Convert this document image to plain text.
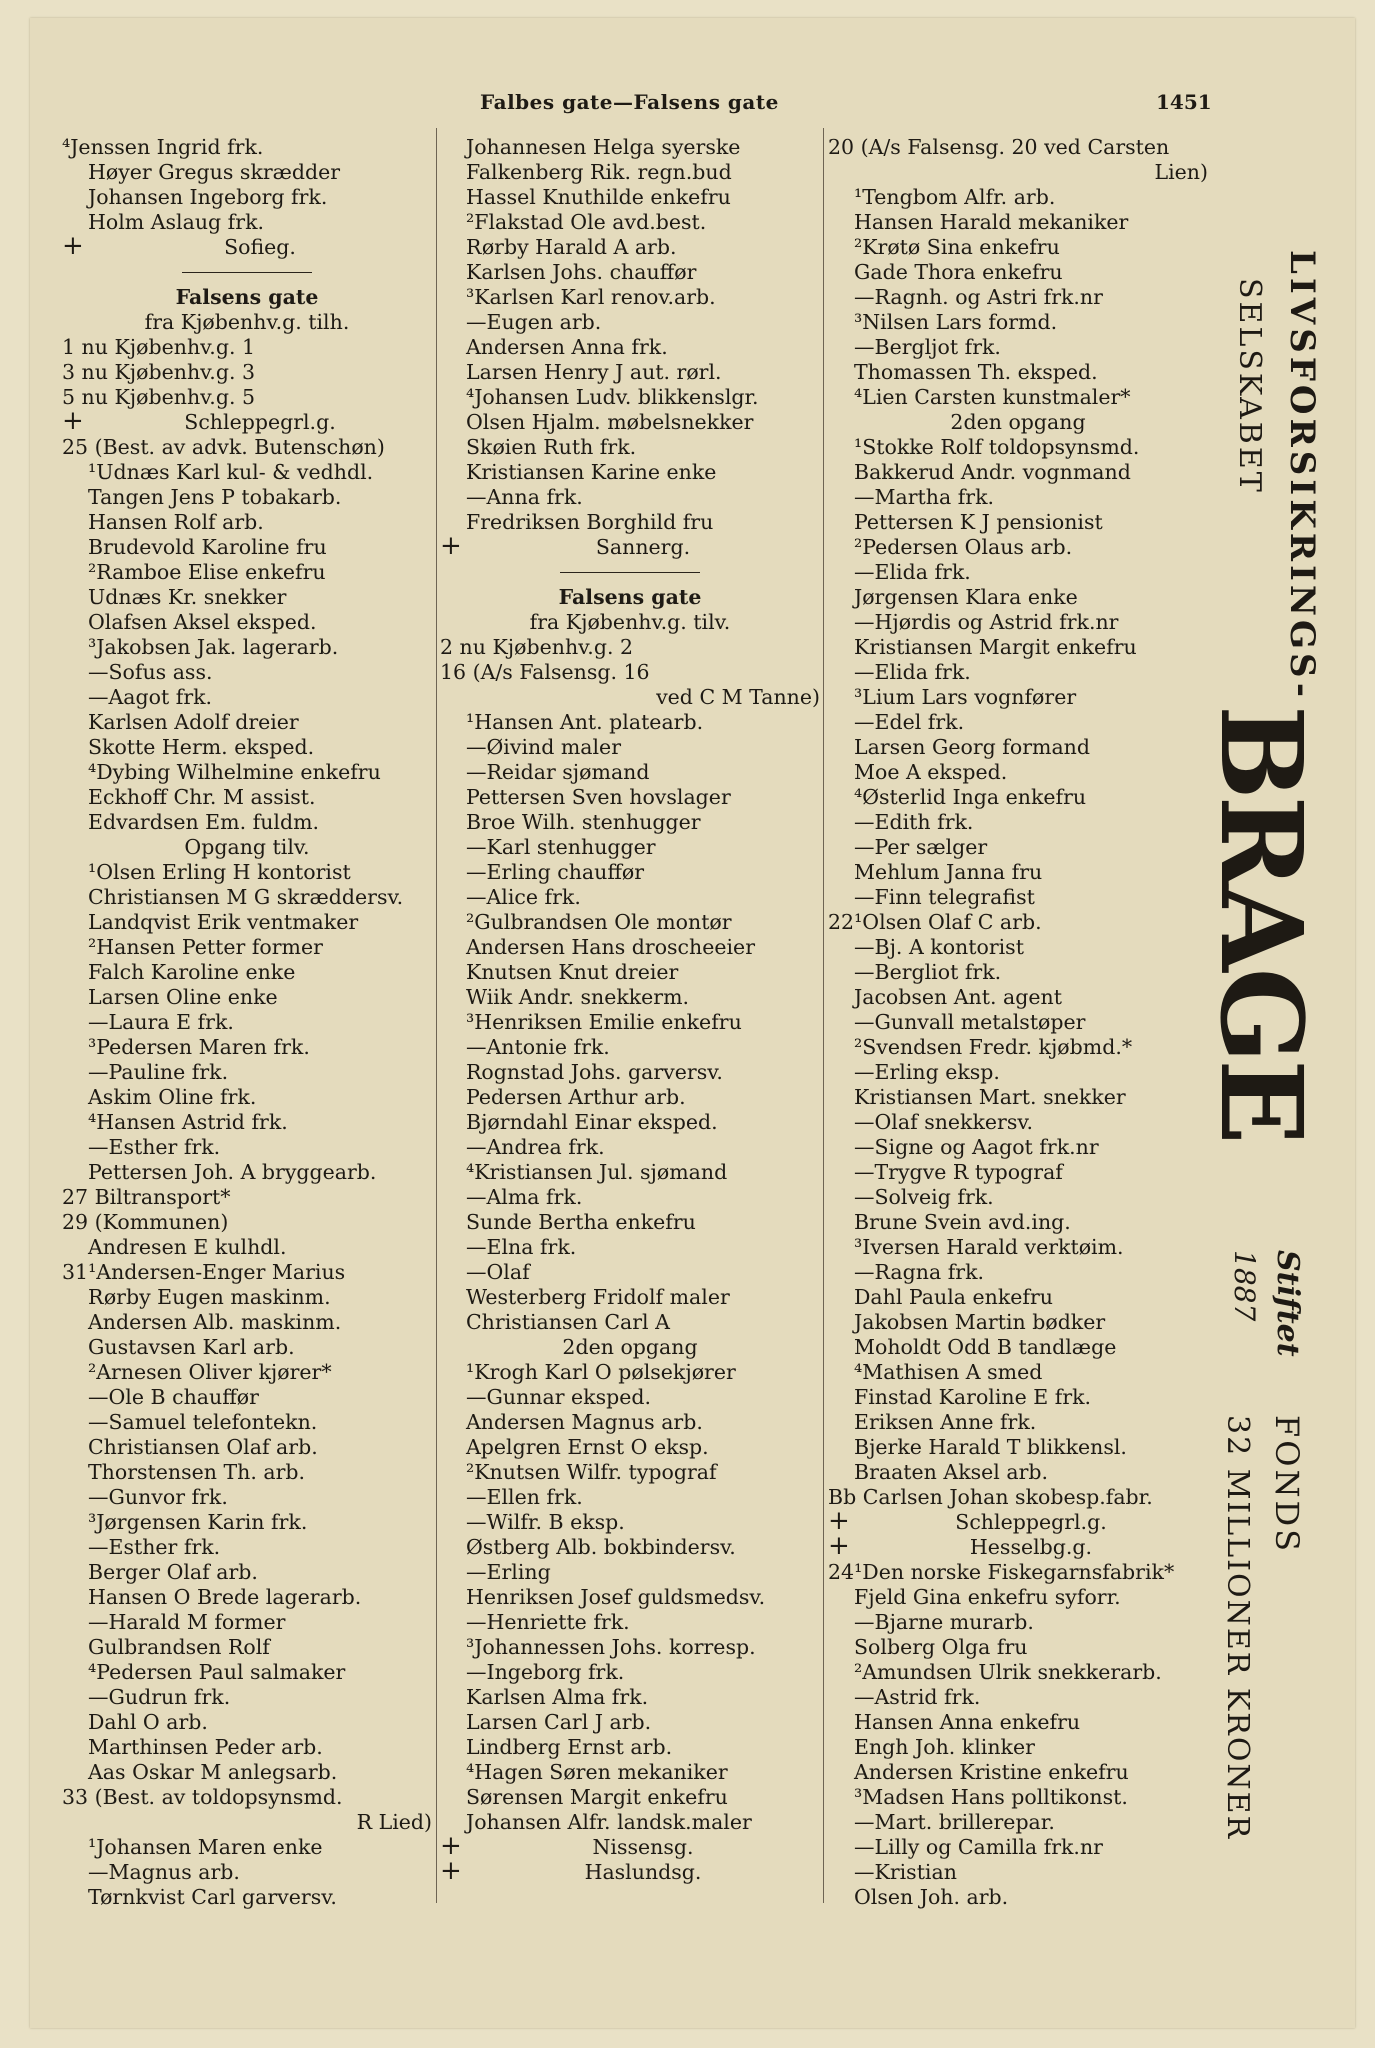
Falbes gate—Falsens gate	1451
⁴Jenssen Ingrid frk.
Høyer Gregus skrædder
Johansen Ingeborg frk.
Holm Aslaug frk.
+	Sofieg.
Falsens gate
fra Kjøbenhv.g. tilh.
1 nu Kjøbenhv.g. 1
3 nu Kjøbenhv.g. 3
5 nu Kjøbenhv.g. 5
+	Schleppegrl.g.
25 (Best. av advk. Butenschøn)
¹Udnæs Karl kul- & vedhdl.
Tangen Jens P tobakarb.
Hansen Rolf arb.
Brudevold Karoline fru
²Ramboe Elise enkefru
Udnæs Kr. snekker
Olafsen Aksel eksped.
³Jakobsen Jak. lagerarb.
—Sofus ass.
—Aagot frk.
Karlsen Adolf dreier
Skotte Herm. eksped.
⁴Dybing Wilhelmine enkefru
Eckhoff Chr. M assist.
Edvardsen Em. fuldm.
Opgang tilv.
¹Olsen Erling H kontorist
Christiansen M G skræddersv.
Landqvist Erik ventmaker
²Hansen Petter former
Falch Karoline enke
Larsen Oline enke
—Laura E frk.
³Pedersen Maren frk.
—Pauline frk.
Askim Oline frk.
⁴Hansen Astrid frk.
—Esther frk.
Pettersen Joh. A bryggearb.
27 Biltransport*
29 (Kommunen)
Andresen E kulhdl.
31¹Andersen-Enger Marius
Rørby Eugen maskinm.
Andersen Alb. maskinm.
Gustavsen Karl arb.
²Arnesen Oliver kjører*
—Ole B chauffør
—Samuel telefontekn.
Christiansen Olaf arb.
Thorstensen Th. arb.
—Gunvor frk.
³Jørgensen Karin frk.
—Esther frk.
Berger Olaf arb.
Hansen O Brede lagerarb.
—Harald M former
Gulbrandsen Rolf
⁴Pedersen Paul salmaker
—Gudrun frk.
Dahl O arb.
Marthinsen Peder arb.
Aas Oskar M anlegsarb.
33 (Best. av toldopsynsmd.
R Lied)
¹Johansen Maren enke
—Magnus arb.
Tørnkvist Carl garversv.
Johannesen Helga syerske
Falkenberg Rik. regn.bud
Hassel Knuthilde enkefru
²Flakstad Ole avd.best.
Rørby Harald A arb.
Karlsen Johs. chauffør
³Karlsen Karl renov.arb.
—Eugen arb.
Andersen Anna frk.
Larsen Henry J aut. rørl.
⁴Johansen Ludv. blikkenslgr.
Olsen Hjalm. møbelsnekker
Skøien Ruth frk.
Kristiansen Karine enke
—Anna frk.
Fredriksen Borghild fru
+	Sannerg.
Falsens gate
fra Kjøbenhv.g. tilv.
2 nu Kjøbenhv.g. 2
16 (A/s Falsensg. 16
ved C M Tanne)
¹Hansen Ant. platearb.
—Øivind maler
—Reidar sjømand
Pettersen Sven hovslager
Broe Wilh. stenhugger
—Karl stenhugger
—Erling chauffør
—Alice frk.
²Gulbrandsen Ole montør
Andersen Hans droscheeier
Knutsen Knut dreier
Wiik Andr. snekkerm.
³Henriksen Emilie enkefru
—Antonie frk.
Rognstad Johs. garversv.
Pedersen Arthur arb.
Bjørndahl Einar eksped.
—Andrea frk.
⁴Kristiansen Jul. sjømand
—Alma frk.
Sunde Bertha enkefru
—Elna frk.
—Olaf
Westerberg Fridolf maler
Christiansen Carl A
2den opgang
¹Krogh Karl O pølsekjører
—Gunnar eksped.
Andersen Magnus arb.
Apelgren Ernst O eksp.
²Knutsen Wilfr. typograf
—Ellen frk.
—Wilfr. B eksp.
Østberg Alb. bokbindersv.
—Erling
Henriksen Josef guldsmedsv.
—Henriette frk.
³Johannessen Johs. korresp.
—Ingeborg frk.
Karlsen Alma frk.
Larsen Carl J arb.
Lindberg Ernst arb.
⁴Hagen Søren mekaniker
Sørensen Margit enkefru
Johansen Alfr. landsk.maler
+	Nissensg.
+	Haslundsg.
20 (A/s Falsensg. 20 ved Carsten
Lien)
¹Tengbom Alfr. arb.
Hansen Harald mekaniker
²Krøtø Sina enkefru
Gade Thora enkefru
—Ragnh. og Astri frk.nr
³Nilsen Lars formd.
—Bergljot frk.
Thomassen Th. eksped.
⁴Lien Carsten kunstmaler*
2den opgang
¹Stokke Rolf toldopsynsmd.
Bakkerud Andr. vognmand
—Martha frk.
Pettersen K J pensionist
²Pedersen Olaus arb.
—Elida frk.
Jørgensen Klara enke
—Hjørdis og Astrid frk.nr
Kristiansen Margit enkefru
—Elida frk.
³Lium Lars vognfører
—Edel frk.
Larsen Georg formand
Moe A eksped.
⁴Østerlid Inga enkefru
—Edith frk.
—Per sælger
Mehlum Janna fru
—Finn telegrafist
22¹Olsen Olaf C arb.
—Bj. A kontorist
—Bergliot frk.
Jacobsen Ant. agent
—Gunvall metalstøper
²Svendsen Fredr. kjøbmd.*
—Erling eksp.
Kristiansen Mart. snekker
—Olaf snekkersv.
—Signe og Aagot frk.nr
—Trygve R typograf
—Solveig frk.
Brune Svein avd.ing.
³Iversen Harald verktøim.
—Ragna frk.
Dahl Paula enkefru
Jakobsen Martin bødker
Moholdt Odd B tandlæge
⁴Mathisen A smed
Finstad Karoline E frk.
Eriksen Anne frk.
Bjerke Harald T blikkensl.
Braaten Aksel arb.
Bb Carlsen Johan skobesp.fabr.
+	Schleppegrl.g.
+	Hesselbg.g.
24¹Den norske Fiskegarnsfabrik*
Fjeld Gina enkefru syforr.
—Bjarne murarb.
Solberg Olga fru
²Amundsen Ulrik snekkerarb.
—Astrid frk.
Hansen Anna enkefru
Engh Joh. klinker
Andersen Kristine enkefru
³Madsen Hans polltikonst.
—Mart. brillerepar.
—Lilly og Camilla frk.nr
—Kristian
Olsen Joh. arb.
LIVSFORSIKRINGS-
SELSKABET
BRAGE
Stiftet
1887
FONDS
32 MILLIONER KRONER
